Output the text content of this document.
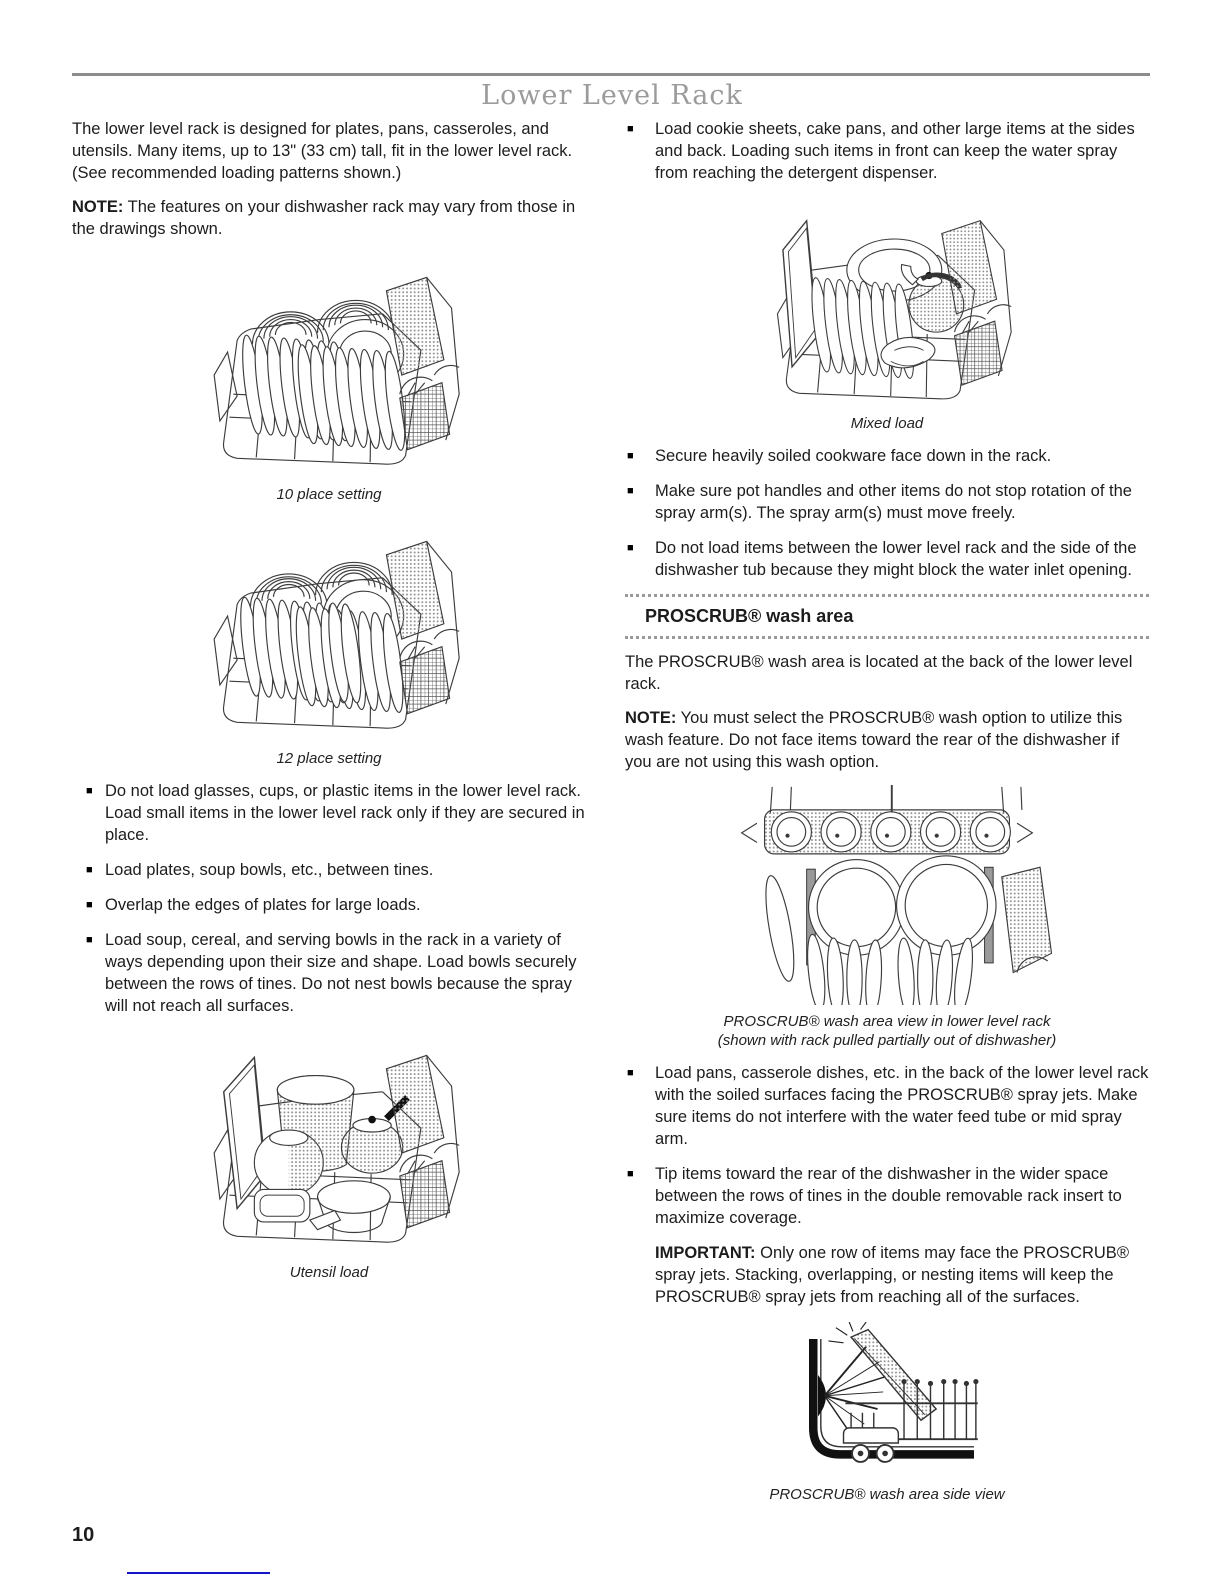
Lower Level Rack

The lower level rack is designed for plates, pans, casseroles, and utensils. Many items, up to 13" (33 cm) tall, fit in the lower level rack. (See recommended loading patterns shown.)

NOTE: The features on your dishwasher rack may vary from those in the drawings shown.

10 place setting
12 place setting
■ Do not load glasses, cups, or plastic items in the lower level rack. Load small items in the lower level rack only if they are secured in place.
■ Load plates, soup bowls, etc., between tines.
■ Overlap the edges of plates for large loads.
■ Load soup, cereal, and serving bowls in the rack in a variety of ways depending upon their size and shape. Load bowls securely between the rows of tines. Do not nest bowls because the spray will not reach all surfaces.
Utensil load
■	Load cookie sheets, cake pans, and other large items at the sides and back. Loading such items in front can keep the water spray from reaching the detergent dispenser.
Mixed load
■	Secure heavily soiled cookware face down in the rack.
■	Make sure pot handles and other items do not stop rotation of the spray arm(s). The spray arm(s) must move freely.
■	Do not load items between the lower level rack and the side of the dishwasher tub because they might block the water inlet opening.
PROSCRUB® wash area

The PROSCRUB® wash area is located at the back of the lower level rack.

NOTE: You must select the PROSCRUB® wash option to utilize this wash feature. Do not face items toward the rear of the dishwasher if you are not using this wash option.

PROSCRUB® wash area view in lower level rack
(shown with rack pulled partially out of dishwasher)
■	Load pans, casserole dishes, etc. in the back of the lower level rack with the soiled surfaces facing the PROSCRUB® spray jets. Make sure items do not interfere with the water feed tube or mid spray arm.
■	Tip items toward the rear of the dishwasher in the wider space between the rows of tines in the double removable rack insert to maximize coverage.
IMPORTANT: Only one row of items may face the PROSCRUB® spray jets. Stacking, overlapping, or nesting items will keep the PROSCRUB® spray jets from reaching all of the surfaces.
PROSCRUB® wash area side view
10
